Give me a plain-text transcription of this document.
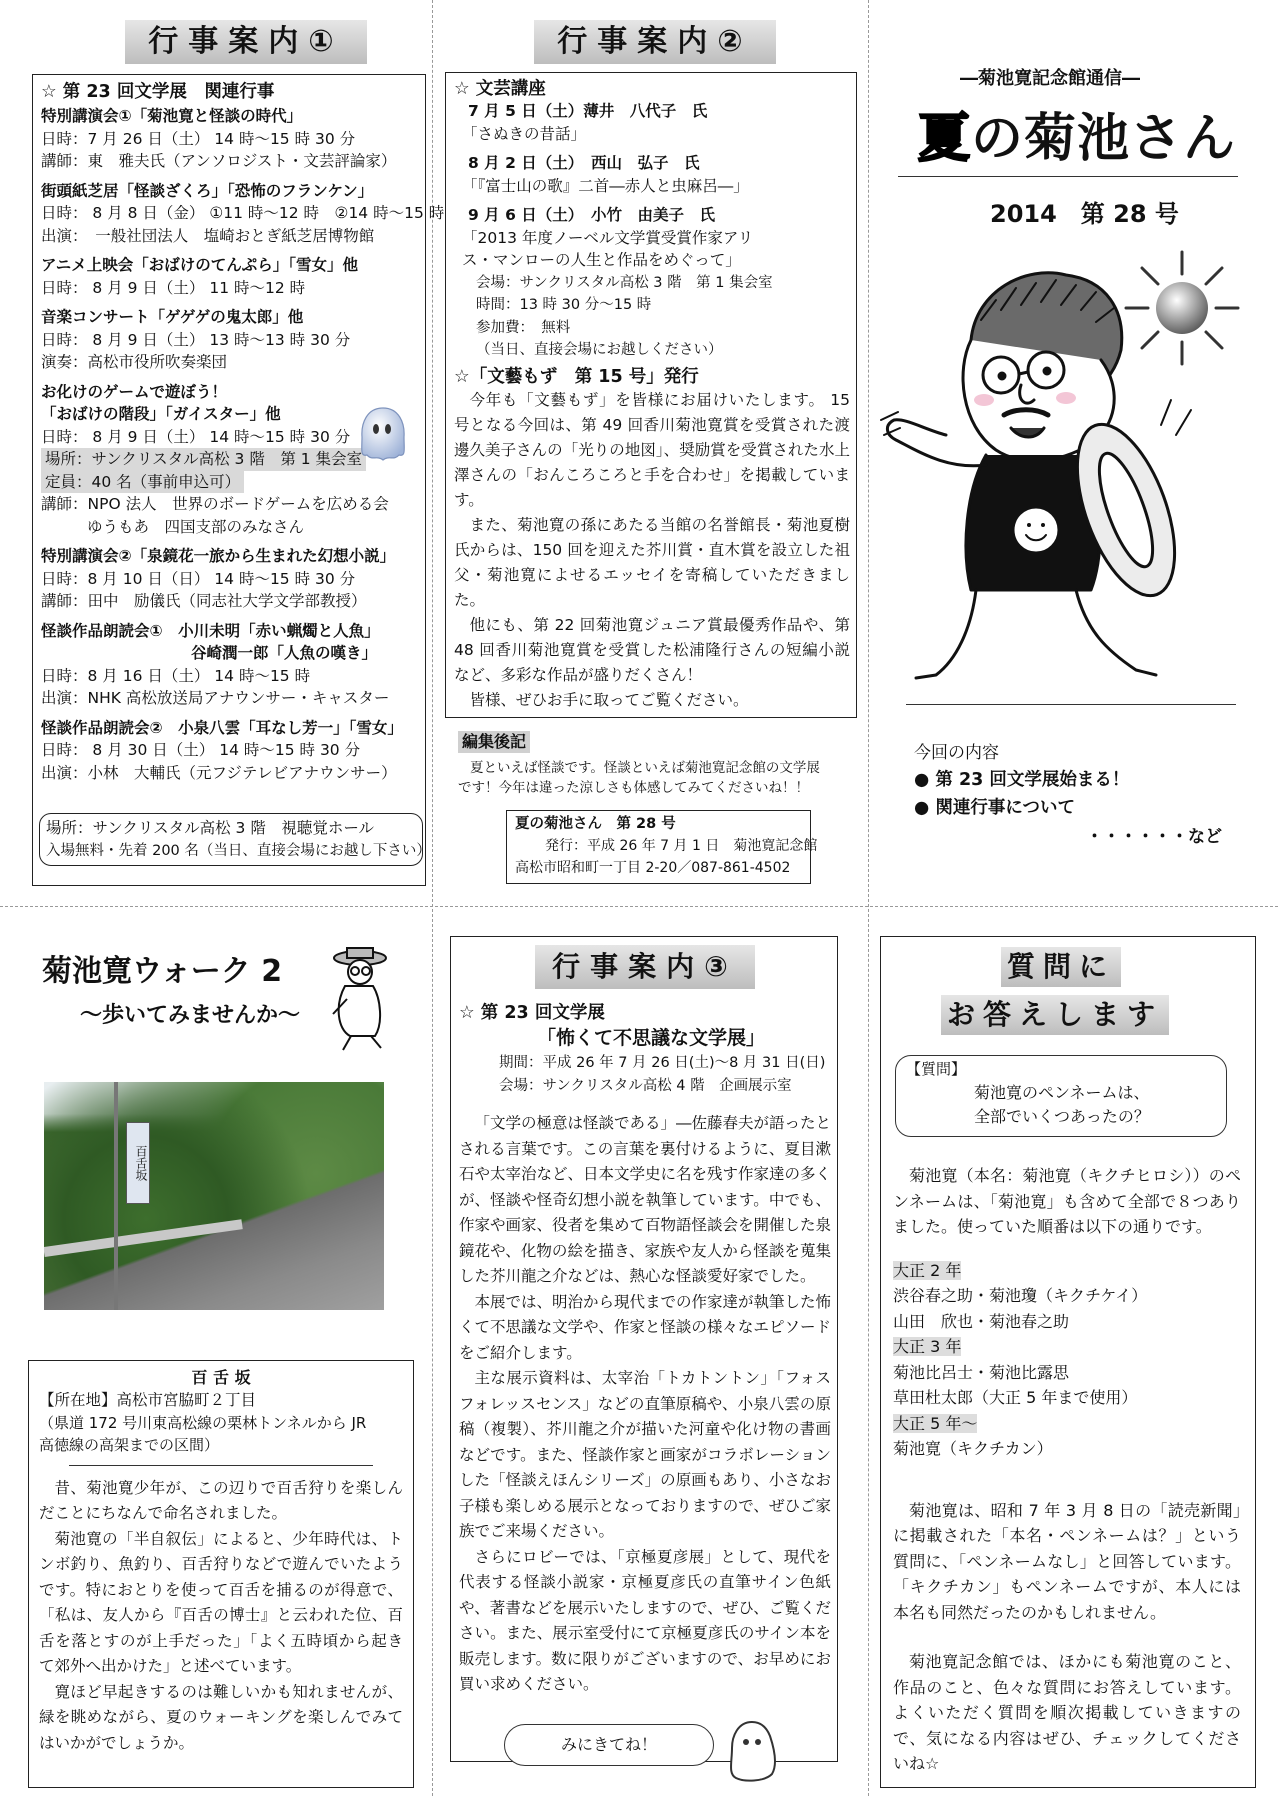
行事案内①
☆ 第 23 回文学展　関連行事
特別講演会①「菊池寛と怪談の時代」
日時：7 月 26 日（土） 14 時～15 時 30 分
講師：東　雅夫氏（アンソロジスト・文芸評論家）
街頭紙芝居「怪談ざくろ」「恐怖のフランケン」
日時： 8 月 8 日（金） ①11 時～12 時　②14 時～15 時
出演：　一般社団法人　塩崎おとぎ紙芝居博物館
アニメ上映会「おばけのてんぷら」「雪女」他
日時： 8 月 9 日（土） 11 時～12 時
音楽コンサート「ゲゲゲの鬼太郎」他
日時： 8 月 9 日（土） 13 時～13 時 30 分
演奏：高松市役所吹奏楽団
お化けのゲームで遊ぼう！
「おばけの階段」「ガイスター」他
日時： 8 月 9 日（土） 14 時～15 時 30 分
場所：サンクリスタル高松 3 階　第 1 集会室
定員：40 名（事前申込可）
講師：NPO 法人　世界のボードゲームを広める会
ゆうもあ　四国支部のみなさん
特別講演会②「泉鏡花一旅から生まれた幻想小説」
日時：8 月 10 日（日） 14 時～15 時 30 分
講師：田中　励儀氏（同志社大学文学部教授）
怪談作品朗読会①　小川未明「赤い蝋燭と人魚」
谷崎潤一郎「人魚の嘆き」
日時：8 月 16 日（土） 14 時～15 時
出演：NHK 高松放送局アナウンサー・キャスター
怪談作品朗読会②　小泉八雲「耳なし芳一」「雪女」
日時： 8 月 30 日（土） 14 時～15 時 30 分
出演：小林　大輔氏（元フジテレビアナウンサー）
場所：サンクリスタル高松 3 階　視聴覚ホール
入場無料・先着 200 名（当日、直接会場にお越し下さい）
行事案内②
☆ 文芸講座
7 月 5 日（土）薄井　八代子　氏
「さぬきの昔話」
8 月 2 日（土）　西山　弘子　氏
「『富士山の歌』二首―赤人と虫麻呂―」
9 月 6 日（土）　小竹　由美子　氏
「2013 年度ノーベル文学賞受賞作家アリ
ス・マンローの人生と作品をめぐって」
会場：サンクリスタル高松 3 階　第 1 集会室
時間：13 時 30 分～15 時
参加費：　無料
（当日、直接会場にお越しください）
☆「文藝もず　第 15 号」発行

今年も「文藝もず」を皆様にお届けいたします。 15 号となる今回は、第 49 回香川菊池寛賞を受賞された渡邊久美子さんの「光りの地図」、奨励賞を受賞された水上澤さんの「おんころころと手を合わせ」を掲載しています。

また、菊池寛の孫にあたる当館の名誉館長・菊池夏樹氏からは、150 回を迎えた芥川賞・直木賞を設立した祖父・菊池寛によせるエッセイを寄稿していただきました。

他にも、第 22 回菊池寛ジュニア賞最優秀作品や、第 48 回香川菊池寛賞を受賞した松浦隆行さんの短編小説など、多彩な作品が盛りだくさん！

皆様、ぜひお手に取ってご覧ください。

編集後記
夏といえば怪談です。怪談といえば菊池寛記念館の文学展
です！今年は違った涼しさも体感してみてくださいね！！
夏の菊池さん　第 28 号
発行：平成 26 年 7 月 1 日　菊池寛記念館
高松市昭和町一丁目 2-20／087-861-4502
―菊池寛記念館通信―
夏の菊池さん
2014　第 28 号
今回の内容
● 第 23 回文学展始まる！
● 関連行事について
・・・・・・など
菊池寛ウォーク 2
～歩いてみませんか～
百舌坂
百 舌 坂
【所在地】高松市宮脇町２丁目
（県道 172 号川東高松線の栗林トンネルから JR
高徳線の高架までの区間）

昔、菊池寛少年が、この辺りで百舌狩りを楽しんだことにちなんで命名されました。

菊池寛の「半自叙伝」によると、少年時代は、トンボ釣り、魚釣り、百舌狩りなどで遊んでいたようです。特におとりを使って百舌を捕るのが得意で、「私は、友人から『百舌の博士』と云われた位、百舌を落とすのが上手だった」「よく五時頃から起きて郊外へ出かけた」と述べています。

寛ほど早起きするのは難しいかも知れませんが、緑を眺めながら、夏のウォーキングを楽しんでみてはいかがでしょうか。

行事案内③
☆ 第 23 回文学展
「怖くて不思議な文学展」
期間：平成 26 年 7 月 26 日(土)～8 月 31 日(日)
会場：サンクリスタル高松 4 階　企画展示室

「文学の極意は怪談である」―佐藤春夫が語ったとされる言葉です。この言葉を裏付けるように、夏目漱石や太宰治など、日本文学史に名を残す作家達の多くが、怪談や怪奇幻想小説を執筆しています。中でも、作家や画家、役者を集めて百物語怪談会を開催した泉鏡花や、化物の絵を描き、家族や友人から怪談を蒐集した芥川龍之介などは、熱心な怪談愛好家でした。

本展では、明治から現代までの作家達が執筆した怖くて不思議な文学や、作家と怪談の様々なエピソードをご紹介します。

主な展示資料は、太宰治「トカトントン」「フォスフォレッスセンス」などの直筆原稿や、小泉八雲の原稿（複製）、芥川龍之介が描いた河童や化け物の書画などです。また、怪談作家と画家がコラボレーションした「怪談えほんシリーズ」の原画もあり、小さなお子様も楽しめる展示となっておりますので、ぜひご家族でご来場ください。

さらにロビーでは、「京極夏彦展」として、現代を代表する怪談小説家・京極夏彦氏の直筆サイン色紙や、著書などを展示いたしますので、ぜひ、ご覧ください。また、展示室受付にて京極夏彦氏のサイン本を販売します。数に限りがございますので、お早めにお買い求めください。

みにきてね！
質問に
お答えします
【質問】
菊池寛のペンネームは、
全部でいくつあったの？

菊池寛（本名：菊池寛（キクチヒロシ））のペンネームは、「菊池寛」も含めて全部で８つありました。使っていた順番は以下の通りです。

大正 2 年
渋谷春之助・菊池瓊（キクチケイ）
山田　欣也・菊池春之助
大正 3 年
菊池比呂士・菊池比露思
草田杜太郎（大正 5 年まで使用）
大正 5 年～
菊池寛（キクチカン）

菊池寛は、昭和 7 年 3 月 8 日の「読売新聞」に掲載された「本名・ペンネームは？」という質問に、「ペンネームなし」と回答しています。「キクチカン」もペンネームですが、本人には本名も同然だったのかもしれません。

菊池寛記念館では、ほかにも菊池寛のこと、作品のこと、色々な質問にお答えしています。よくいただく質問を順次掲載していきますので、気になる内容はぜひ、チェックしてくださいね☆
